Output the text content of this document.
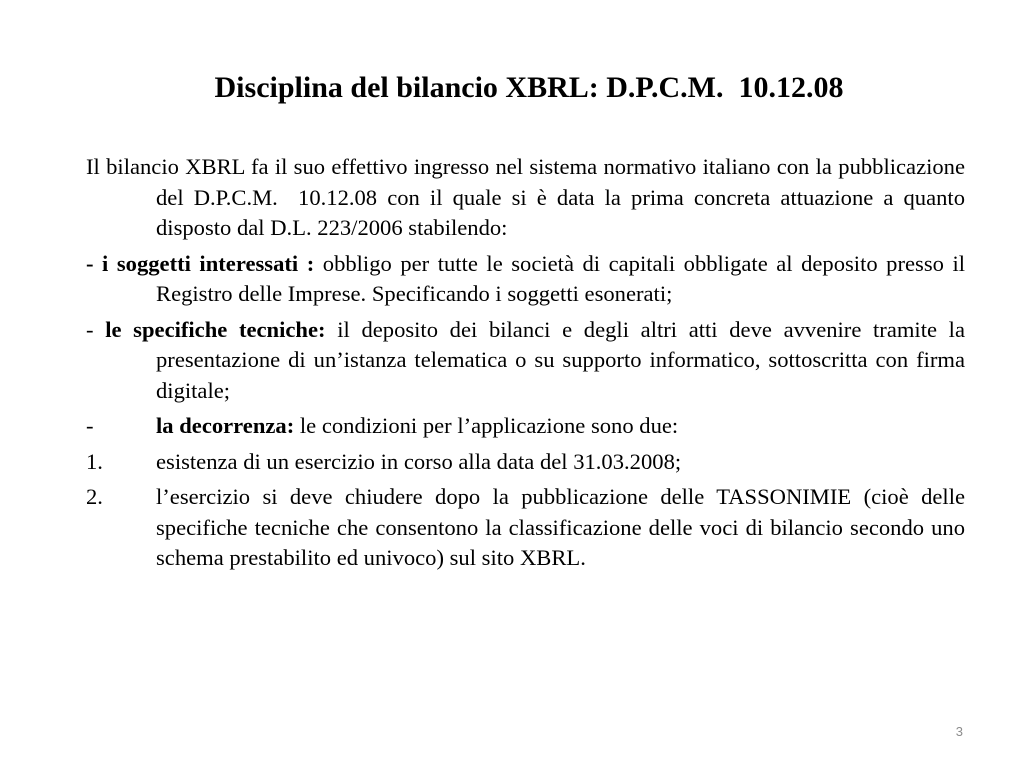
Disciplina del bilancio XBRL: D.P.C.M.  10.12.08

Il bilancio XBRL fa il suo effettivo ingresso nel sistema normativo italiano con la pubblicazione del D.P.C.M.  10.12.08 con il quale si è data la prima concreta attuazione a quanto disposto dal D.L. 223/2006 stabilendo:

- i soggetti interessati : obbligo per tutte le società di capitali obbligate al deposito presso il Registro delle Imprese. Specificando i soggetti esonerati;

- le specifiche tecniche: il deposito dei bilanci e degli altri atti deve avvenire tramite la presentazione di un’istanza telematica o su supporto informatico, sottoscritta con firma digitale;

-	la decorrenza: le condizioni per l’applicazione sono due:
1. esistenza di un esercizio in corso alla data del 31.03.2008;
2. l’esercizio si deve chiudere dopo la pubblicazione delle TASSONIMIE (cioè delle specifiche tecniche che consentono la classificazione delle voci di bilancio secondo uno schema prestabilito ed univoco) sul sito XBRL.
3
